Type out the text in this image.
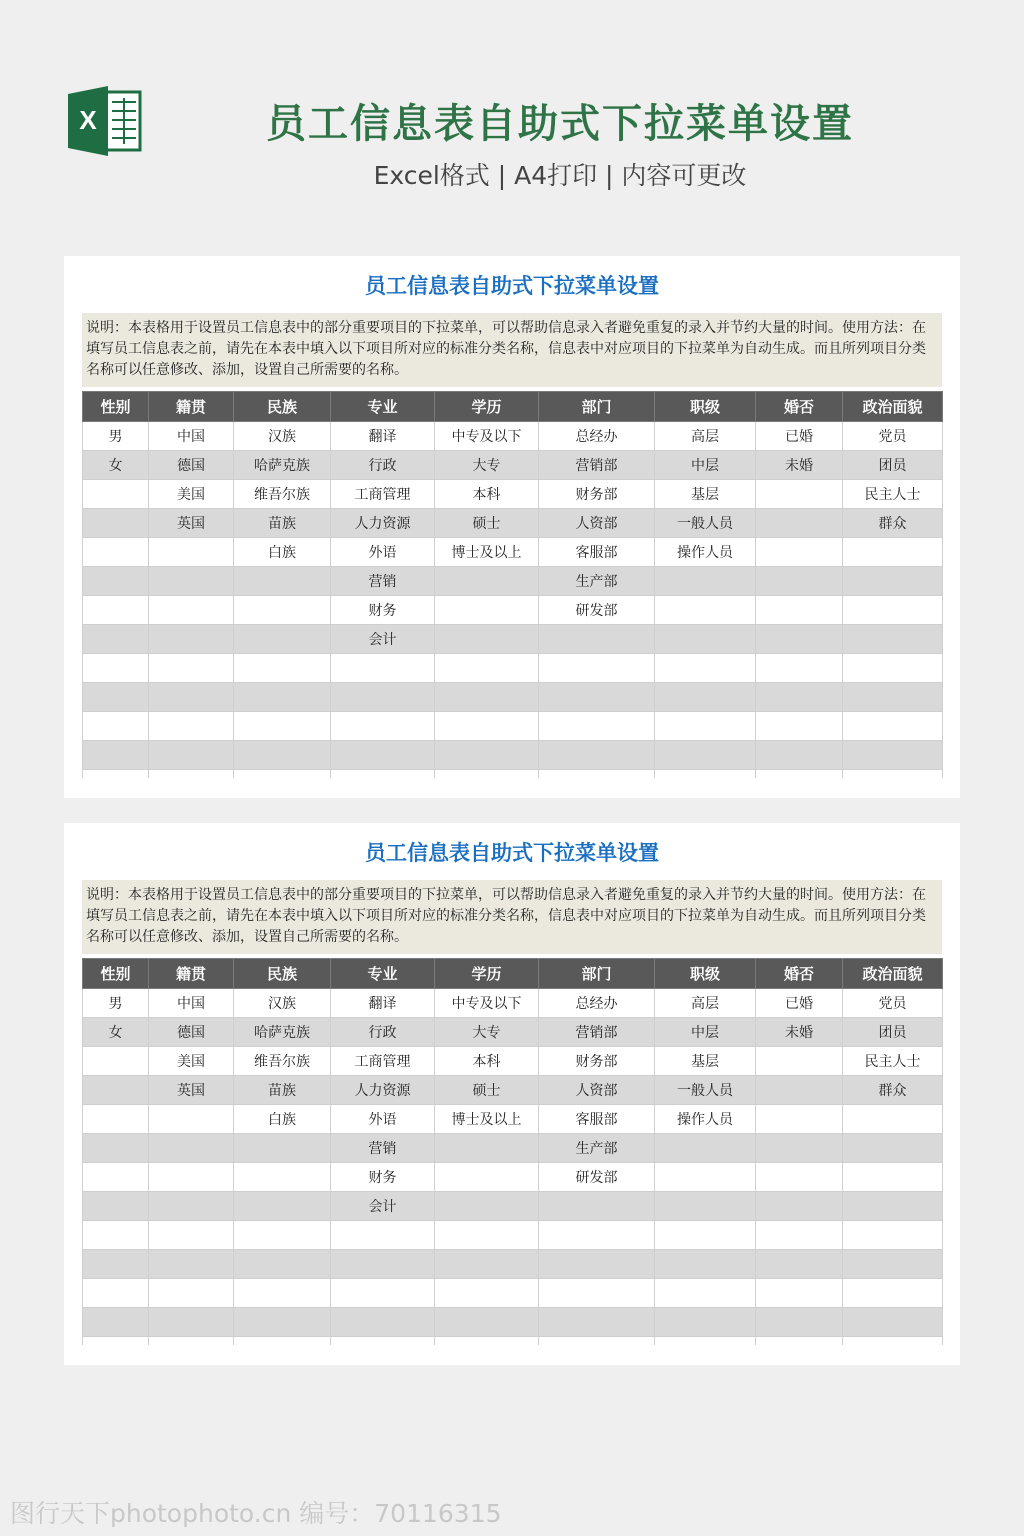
X	员工信息表自助式下拉菜单设置
Excel格式 | A4打印 | 内容可更改
员工信息表自助式下拉菜单设置
说明：本表格用于设置员工信息表中的部分重要项目的下拉菜单，可以帮助信息录入者避免重复的录入并节约大量的时间。使用方法：在填写员工信息表之前，请先在本表中填入以下项目所对应的标准分类名称，信息表中对应项目的下拉菜单为自动生成。而且所列项目分类名称可以任意修改、添加，设置自己所需要的名称。
性别	籍贯	民族	专业	学历	部门	职级	婚否	政治面貌
男	中国	汉族	翻译	中专及以下	总经办	高层	已婚	党员
女	德国	哈萨克族	行政	大专	营销部	中层	未婚	团员
	美国	维吾尔族	工商管理	本科	财务部	基层		民主人士
	英国	苗族	人力资源	硕士	人资部	一般人员		群众
		白族	外语	博士及以上	客服部	操作人员		
			营销		生产部			
			财务		研发部			
			会计					

员工信息表自助式下拉菜单设置
说明：本表格用于设置员工信息表中的部分重要项目的下拉菜单，可以帮助信息录入者避免重复的录入并节约大量的时间。使用方法：在填写员工信息表之前，请先在本表中填入以下项目所对应的标准分类名称，信息表中对应项目的下拉菜单为自动生成。而且所列项目分类名称可以任意修改、添加，设置自己所需要的名称。
性别	籍贯	民族	专业	学历	部门	职级	婚否	政治面貌
男	中国	汉族	翻译	中专及以下	总经办	高层	已婚	党员
女	德国	哈萨克族	行政	大专	营销部	中层	未婚	团员
	美国	维吾尔族	工商管理	本科	财务部	基层		民主人士
	英国	苗族	人力资源	硕士	人资部	一般人员		群众
		白族	外语	博士及以上	客服部	操作人员		
			营销		生产部			
			财务		研发部			
			会计					

图行天下photophoto.cn 编号：70116315
